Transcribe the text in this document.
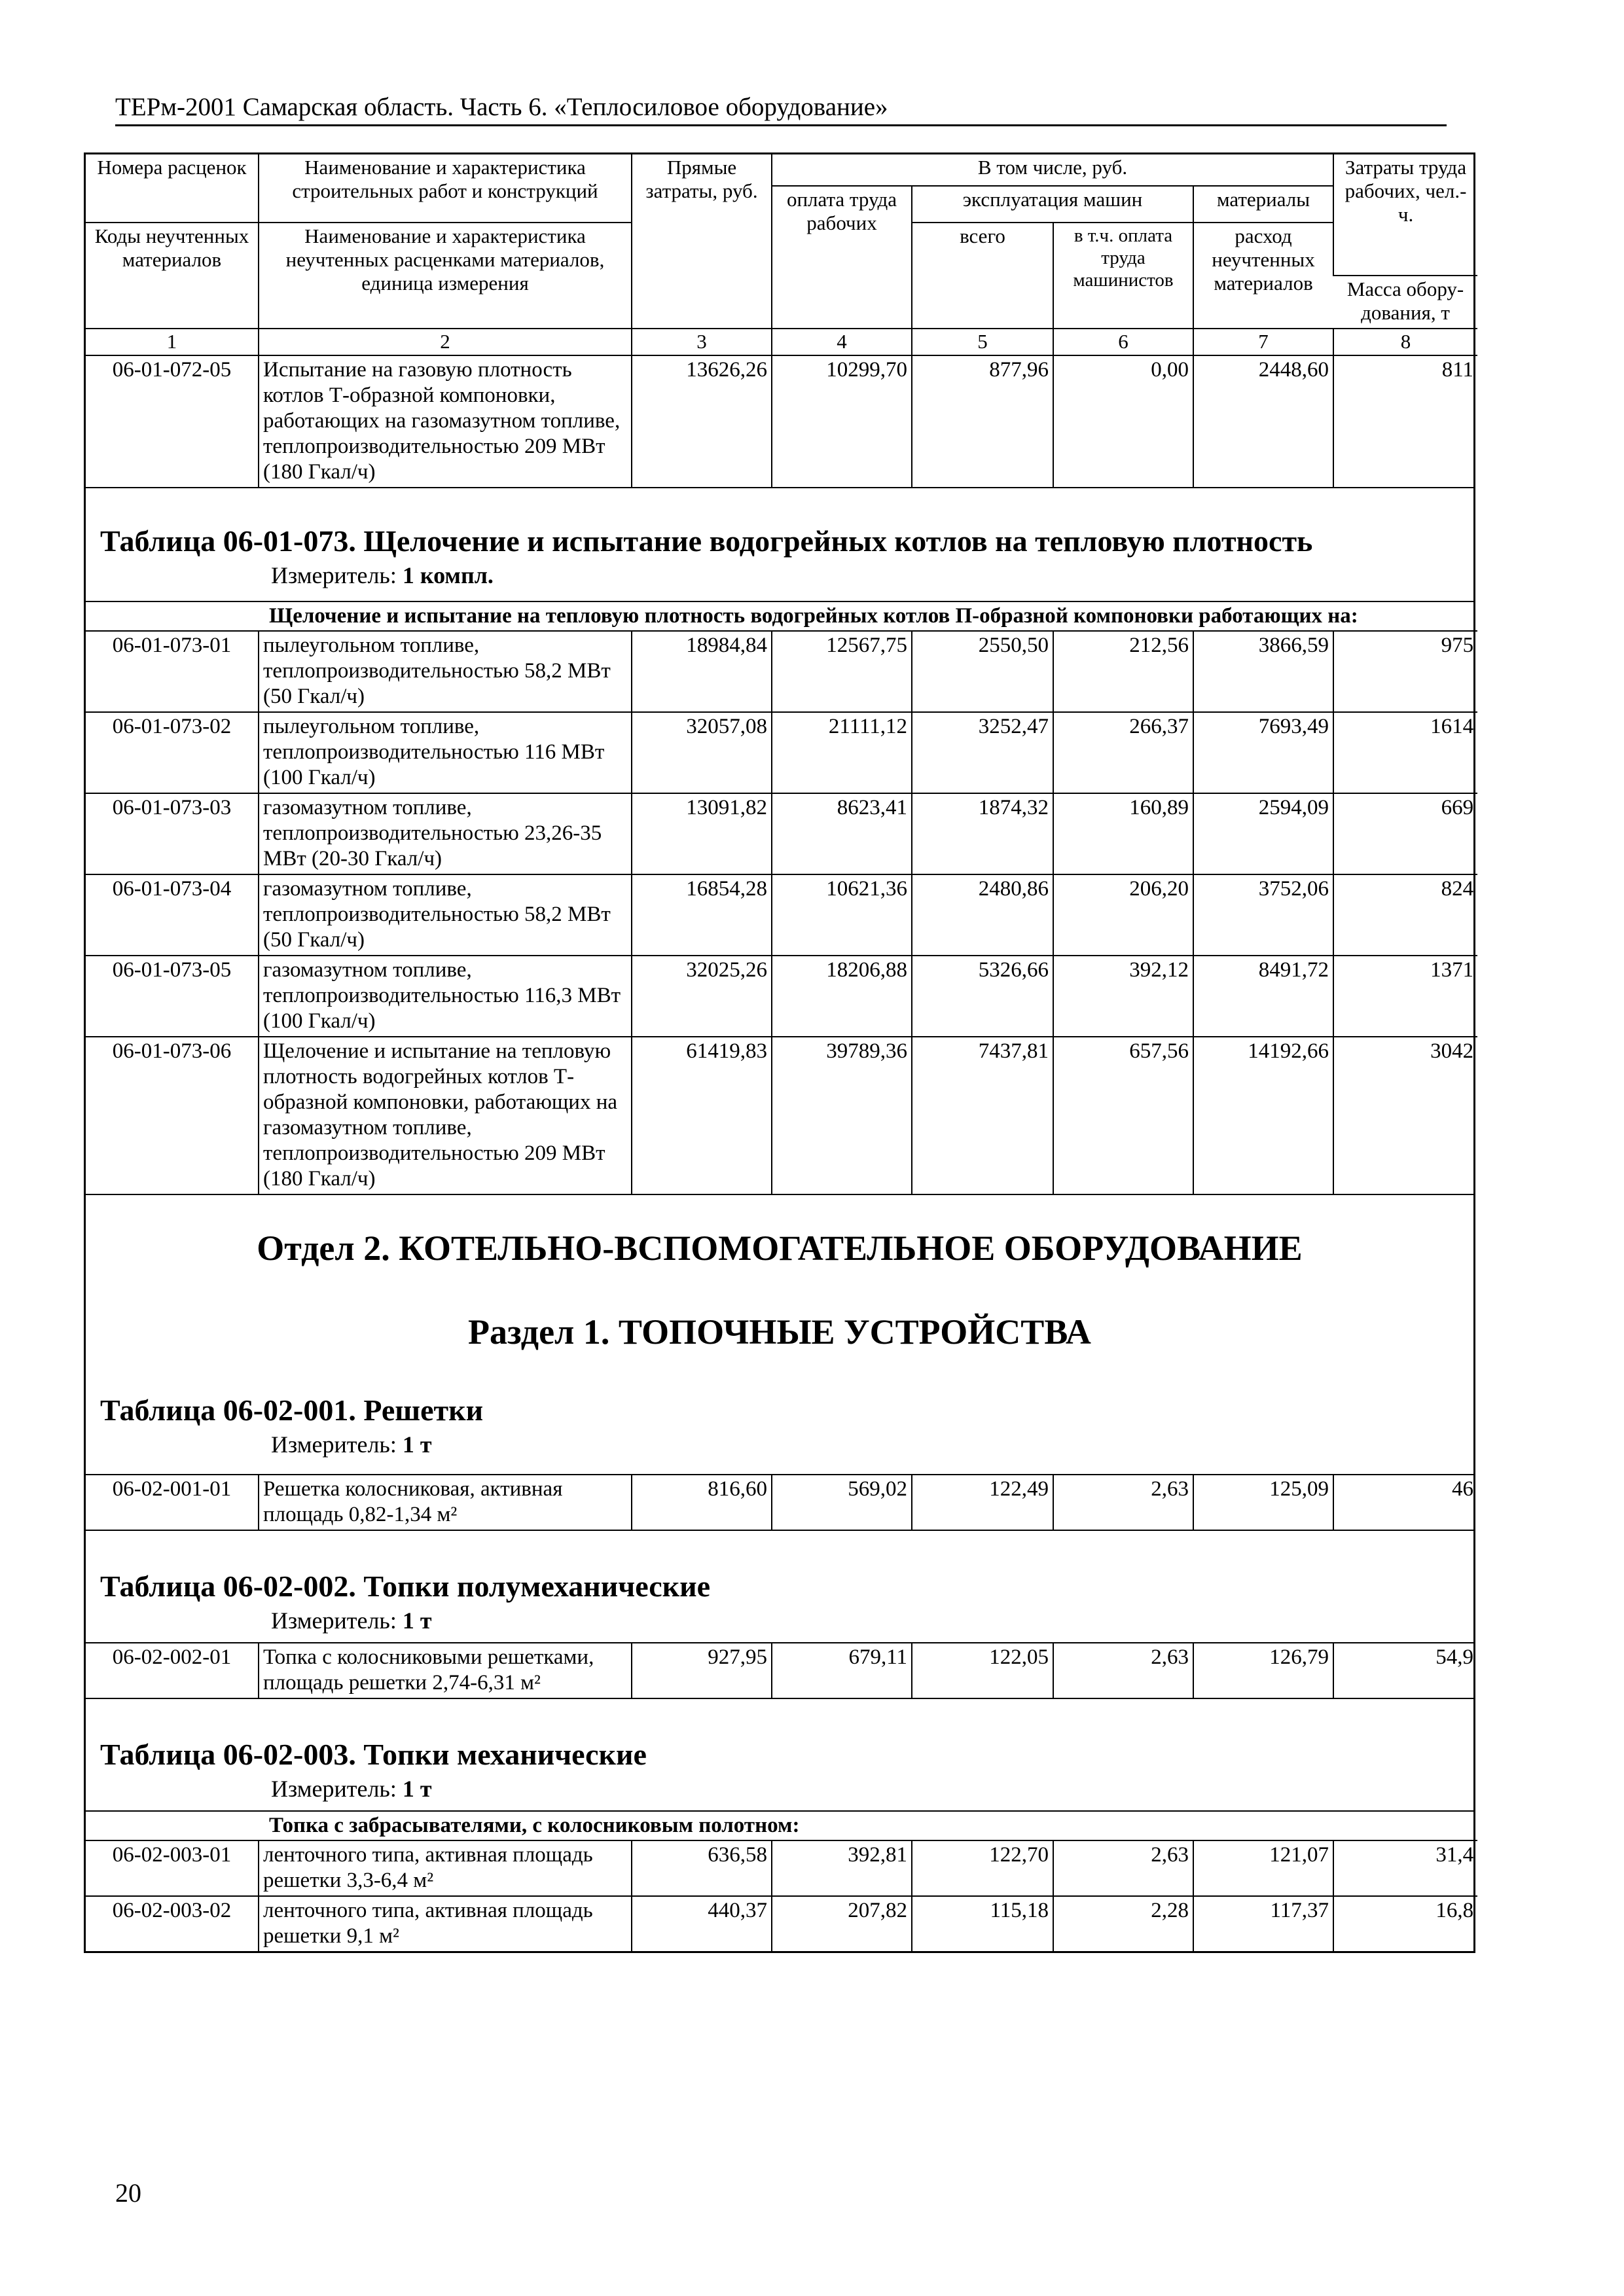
ТЕРм-2001 Самарская область. Часть 6. «Теплосиловое оборудование»
Номера расценок	Наименование и характеристика строительных работ и конструкций	Прямые затраты, руб.	В том числе, руб.				Затраты труда рабочих, чел.-ч.
			оплата труда рабочих	эксплуатация машин		материалы	
Коды неучтенных материалов	Наименование и характеристика неучтенных расценками материалов, единица измерения			всего	в т.ч. оплата труда машинистов	расход неучтенных материалов	
							Масса обору-дования, т
1	2	3	4	5	6	7	8
06-01-072-05	Испытание на газовую плотность котлов Т-образной компоновки, работающих на газомазутном топливе, теплопроизводительностью 209 МВт (180 Гкал/ч)	13626,26	10299,70	877,96	0,00	2448,60	811
Таблица 06-01-073. Щелочение и испытание водогрейных котлов на тепловую плотность
Измеритель: 1 компл.
Щелочение и испытание на тепловую плотность водогрейных котлов П-образной компоновки работающих на:							
06-01-073-01	пылеугольном топливе, теплопроизводительностью 58,2 МВт (50 Гкал/ч)	18984,84	12567,75	2550,50	212,56	3866,59	975
06-01-073-02	пылеугольном топливе, теплопроизводительностью 116 МВт (100 Гкал/ч)	32057,08	21111,12	3252,47	266,37	7693,49	1614
06-01-073-03	газомазутном топливе, теплопроизводительностью 23,26-35 МВт (20-30 Гкал/ч)	13091,82	8623,41	1874,32	160,89	2594,09	669
06-01-073-04	газомазутном топливе, теплопроизводительностью 58,2 МВт (50 Гкал/ч)	16854,28	10621,36	2480,86	206,20	3752,06	824
06-01-073-05	газомазутном топливе, теплопроизводительностью 116,3 МВт (100 Гкал/ч)	32025,26	18206,88	5326,66	392,12	8491,72	1371
06-01-073-06	Щелочение и испытание на тепловую плотность водогрейных котлов Т-образной компоновки, работающих на газомазутном топливе, теплопроизводительностью 209 МВт (180 Гкал/ч)	61419,83	39789,36	7437,81	657,56	14192,66	3042
Отдел 2. КОТЕЛЬНО-ВСПОМОГАТЕЛЬНОЕ ОБОРУДОВАНИЕ
Раздел 1. ТОПОЧНЫЕ УСТРОЙСТВА
Таблица 06-02-001. Решетки
Измеритель: 1 т
06-02-001-01	Решетка колосниковая, активная площадь 0,82-1,34 м²	816,60	569,02	122,49	2,63	125,09	46
Таблица 06-02-002. Топки полумеханические
Измеритель: 1 т
06-02-002-01	Топка с колосниковыми решетками, площадь решетки 2,74-6,31 м²	927,95	679,11	122,05	2,63	126,79	54,9
Таблица 06-02-003. Топки механические
Измеритель: 1 т
Топка с забрасывателями, с колосниковым полотном:							
06-02-003-01	ленточного типа, активная площадь решетки 3,3-6,4 м²	636,58	392,81	122,70	2,63	121,07	31,4
06-02-003-02	ленточного типа, активная площадь решетки 9,1 м²	440,37	207,82	115,18	2,28	117,37	16,8
20
